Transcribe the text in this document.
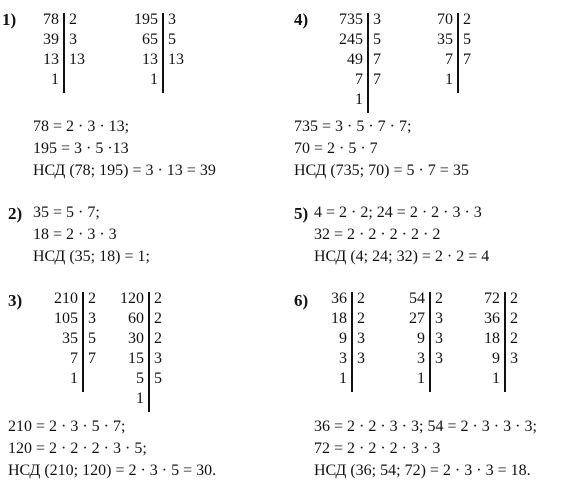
1)	78 2
39 3
13 13
1
195 3
65 5
13 13
1
78 = 2 · 3 · 13;
195 = 3 · 5 ·13
НСД (78; 195) = 3 · 13 = 39
2) 35 = 5 · 7;
18 = 2 · 3 · 3
НСД (35; 18) = 1;
3)	210 2
105 3
35 5
7 7
1
120 2
60 2
30 2
15 3
5 5
1
210 = 2 · 3 · 5 · 7;
120 = 2 · 2 · 2 · 3 · 5;
НСД (210; 120) = 2 · 3 · 5 = 30.
4)	735 3
245 5
49 7
7 7
1
70 2
35 5
7 7
1
735 = 3 · 5 · 7 · 7;
70 = 2 · 5 · 7
НСД (735; 70) = 5 · 7 = 35
5) 4 = 2 · 2; 24 = 2 · 2 · 3 · 3
32 = 2 · 2 · 2 · 2 · 2
НСД (4; 24; 32) = 2 · 2 = 4
6)	36 2
18 2
9 3
3 3
1
54 2
27 3
9 3
3 3
1
72 2
36 2
18 2
9 3
1
36 = 2 · 2 · 3 · 3; 54 = 2 · 3 · 3 · 3;
72 = 2 · 2 · 2 · 3 · 3
НСД (36; 54; 72) = 2 · 3 · 3 = 18.
